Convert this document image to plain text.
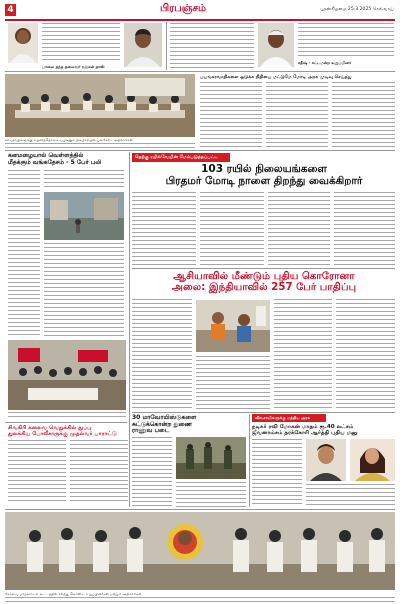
4	பிரபஞ்சம்	புதன்கிழமை 25.3.2025 செவ்வாய்
பாலை தந்த தலைவர் ரஞ்சன் தாஸ்
சதீஷ் - சட்டமன்ற உறுப்பினர்
விவசாயிகளுக்கு உதவித்தொகை வழங்கும் நிகழ்ச்சியில் பங்கேற்ற அதிகாரிகள்
பயங்கரவாதிகளை ஒடுக்க நிதியை மட்டுமே மோடி அரசு முடிவு செய்தது
கனமழையால் வெள்ளத்தில்
மீதக்கும் வங்கதேசம் - 5 பேர் பலி
சிவகிரி கலைவ வெறுக்கில் துப்பு
துலக்கிய போலீசாருக்கு முதல்வர் பாராட்டு
தெற்கு ரயில்வேயின் மேம்படுத்தப்பட்ட
103 ரயில் நிலையங்களை
பிரதமர் மோடி நாளை திறந்து வைக்கிறார்
ஆசியாவில் மீண்டும் புதிய கொரோனா
அலை: இந்தியாவில் 257 பேர் பாதிப்பு
30 மாவோயிஸ்டுகளை
சுட்டுக்கொன்ற துணை
ராணுவ படை
விவசாயிகளுக்கு மத்திய அரசு
நடிகர் ரவி மோகன் மாதம் ரூ.40 லட்சம்
ஜீவனாம்சம் தரக்கோரி ஆர்த்தி புதிய மனு
கோவை மாநகராட்சி கூட்டத்தில் கலந்து கொண்ட உறுப்பினர்கள் மற்றும் அதிகாரிகள்
